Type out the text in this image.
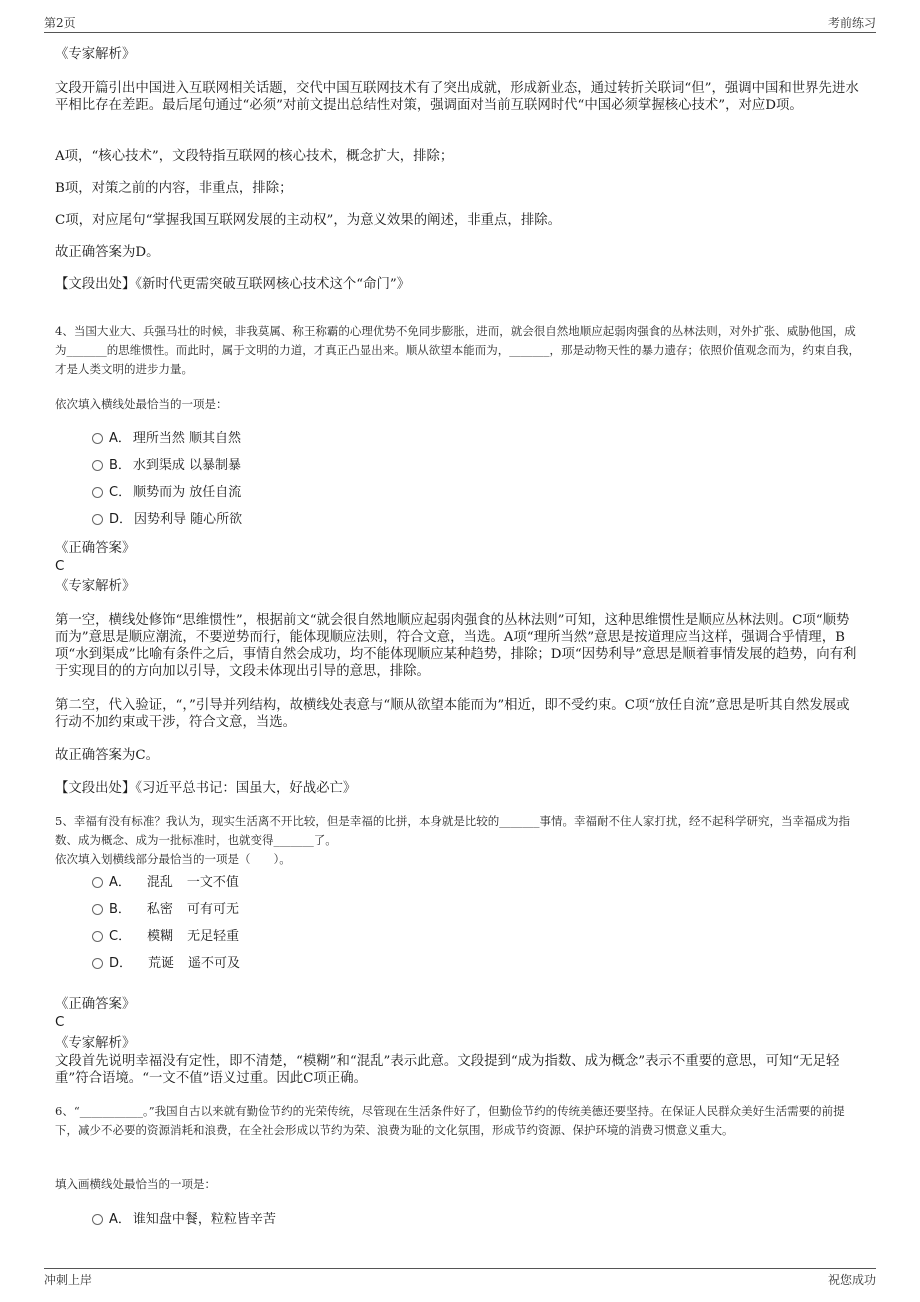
第2页	考前练习

《专家解析》

文段开篇引出中国进入互联网相关话题，交代中国互联网技术有了突出成就，形成新业态，通过转折关联词“但”，强调中国和世界先进水平相比存在差距。最后尾句通过“必须”对前文提出总结性对策，强调面对当前互联网时代“中国必须掌握核心技术”，对应D项。

A项，“核心技术”，文段特指互联网的核心技术，概念扩大，排除；

B项，对策之前的内容，非重点，排除；

C项，对应尾句“掌握我国互联网发展的主动权”，为意义效果的阐述，非重点，排除。

故正确答案为D。

【文段出处】《新时代更需突破互联网核心技术这个“命门”》

4、当国大业大、兵强马壮的时候，非我莫属、称王称霸的心理优势不免同步膨胀，进而，就会很自然地顺应起弱肉强食的丛林法则，对外扩张、威胁他国，成为_______的思维惯性。而此时，属于文明的力道，才真正凸显出来。顺从欲望本能而为，_______，那是动物天性的暴力遗存；依照价值观念而为，约束自我，才是人类文明的进步力量。

依次填入横线处最恰当的一项是：

A． 理所当然 顺其自然
B． 水到渠成 以暴制暴
C． 顺势而为 放任自流
D． 因势利导 随心所欲

《正确答案》

C

《专家解析》

第一空，横线处修饰“思维惯性”，根据前文“就会很自然地顺应起弱肉强食的丛林法则”可知，这种思维惯性是顺应丛林法则。C项“顺势而为”意思是顺应潮流，不要逆势而行，能体现顺应法则，符合文意，当选。A项“理所当然”意思是按道理应当这样，强调合乎情理，B项“水到渠成”比喻有条件之后，事情自然会成功，均不能体现顺应某种趋势，排除；D项“因势利导”意思是顺着事情发展的趋势，向有利于实现目的的方向加以引导，文段未体现出引导的意思，排除。

第二空，代入验证，“，”引导并列结构，故横线处表意与“顺从欲望本能而为”相近，即不受约束。C项“放任自流”意思是听其自然发展或行动不加约束或干涉，符合文意，当选。

故正确答案为C。

【文段出处】《习近平总书记：国虽大，好战必亡》

5、幸福有没有标准？我认为，现实生活离不开比较，但是幸福的比拼，本身就是比较的_______事情。幸福耐不住人家打扰，经不起科学研究，当幸福成为指数、成为概念、成为一批标准时，也就变得_______了。

依次填入划横线部分最恰当的一项是（　　）。

A． 混乱 一文不值
B． 私密 可有可无
C． 模糊 无足轻重
D． 荒诞 遥不可及

《正确答案》

C

《专家解析》

文段首先说明幸福没有定性，即不清楚，“模糊”和“混乱”表示此意。文段提到“成为指数、成为概念”表示不重要的意思，可知“无足轻重”符合语境。“一文不值”语义过重。因此C项正确。

6、“___________。”我国自古以来就有勤俭节约的光荣传统，尽管现在生活条件好了，但勤俭节约的传统美德还要坚持。在保证人民群众美好生活需要的前提下，减少不必要的资源消耗和浪费，在全社会形成以节约为荣、浪费为耻的文化氛围，形成节约资源、保护环境的消费习惯意义重大。

填入画横线处最恰当的一项是：

A． 谁知盘中餐，粒粒皆辛苦
冲刺上岸	祝您成功
